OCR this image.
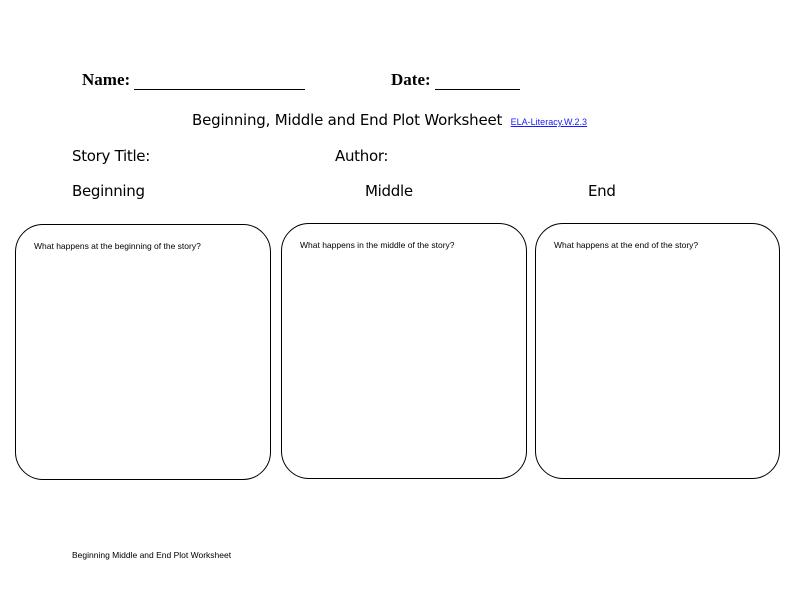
Name:	Date:
Beginning, Middle and End Plot Worksheet ELA-Literacy.W.2.3
Story Title:	Author:
Beginning	Middle	End
What happens at the beginning of the story?	What happens in the middle of the story?	What happens at the end of the story?
Beginning Middle and End Plot Worksheet
